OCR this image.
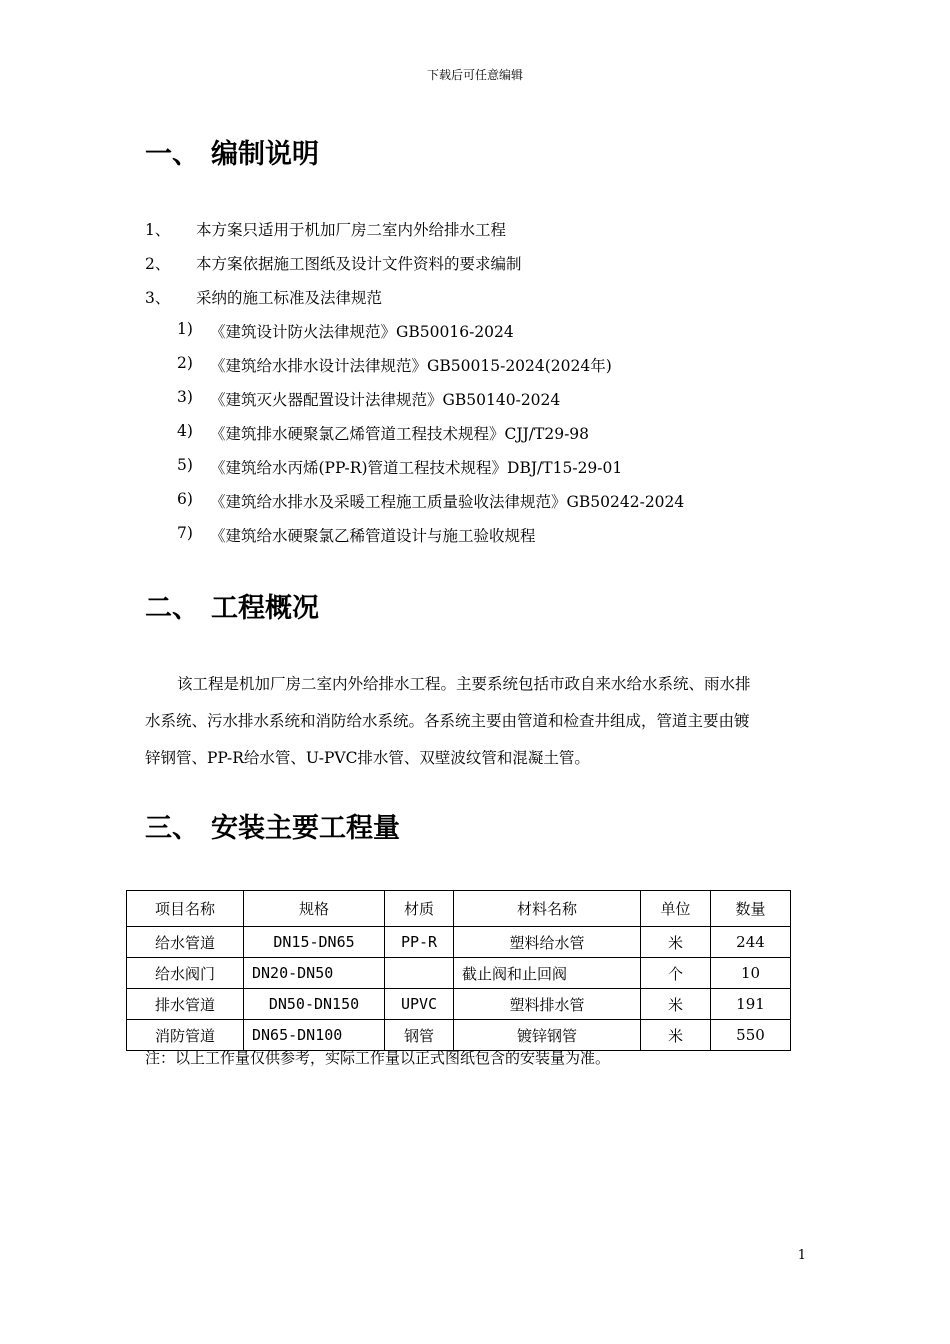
下载后可任意编辑
一、 编制说明
1、 本方案只适用于机加厂房二室内外给排水工程
2、 本方案依据施工图纸及设计文件资料的要求编制
3、 采纳的施工标准及法律规范
1) 《建筑设计防火法律规范》GB50016-2024
2) 《建筑给水排水设计法律规范》GB50015-2024(2024年)
3) 《建筑灭火器配置设计法律规范》GB50140-2024
4) 《建筑排水硬聚氯乙烯管道工程技术规程》CJJ/T29-98
5) 《建筑给水丙烯(PP-R)管道工程技术规程》DBJ/T15-29-01
6) 《建筑给水排水及采暖工程施工质量验收法律规范》GB50242-2024
7) 《建筑给水硬聚氯乙稀管道设计与施工验收规程
二、 工程概况
该工程是机加厂房二室内外给排水工程。主要系统包括市政自来水给水系统、雨水排
水系统、污水排水系统和消防给水系统。各系统主要由管道和检查井组成，管道主要由镀
锌钢管、PP-R给水管、U-PVC排水管、双壁波纹管和混凝土管。
三、 安装主要工程量
项目名称	规格	材质	材料名称	单位	数量
给水管道	DN15-DN65	PP-R	塑料给水管	米	244
给水阀门	DN20-DN50		截止阀和止回阀	个	10
排水管道	DN50-DN150	UPVC	塑料排水管	米	191
消防管道	DN65-DN100	钢管	镀锌钢管	米	550
注：以上工作量仅供参考，实际工作量以正式图纸包含的安装量为准。
1
